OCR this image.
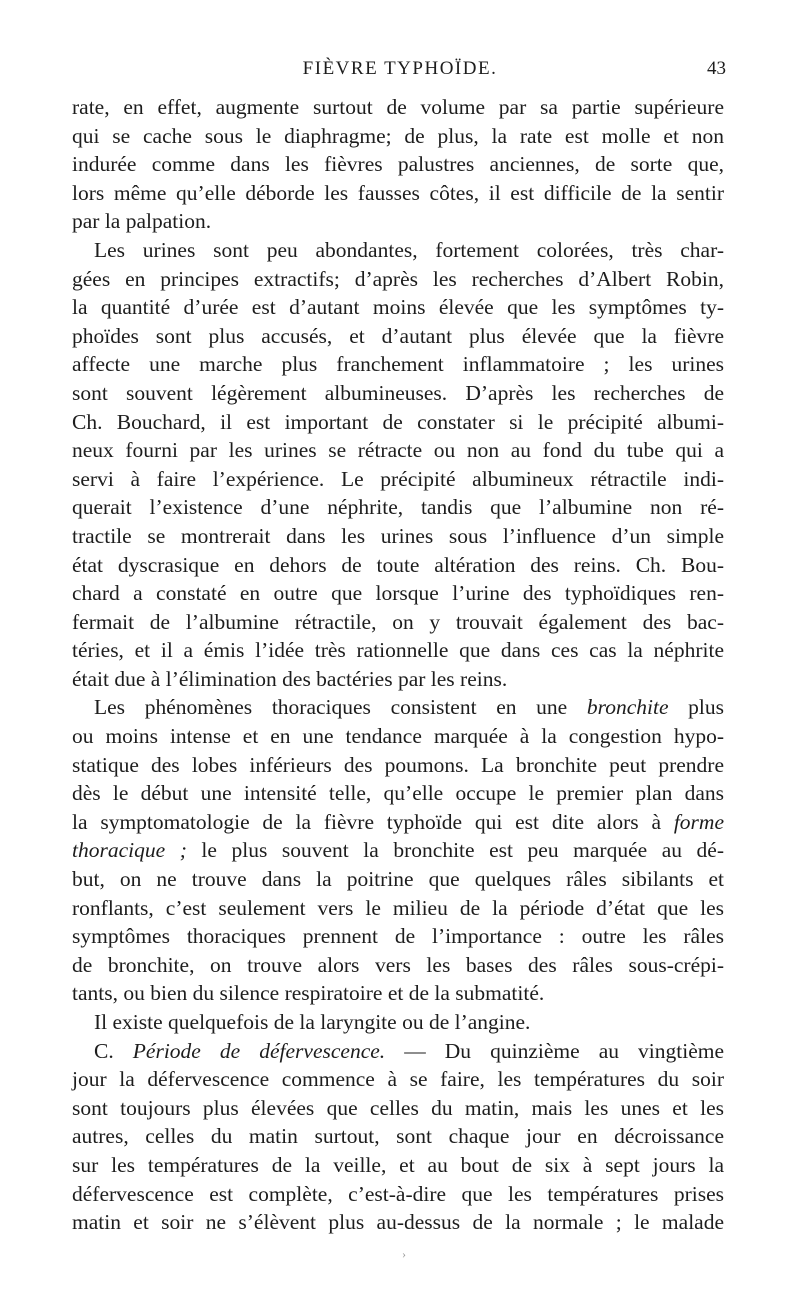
FIÈVRE TYPHOÏDE.	43
rate, en effet, augmente surtout de volume par sa partie supérieure
qui se cache sous le diaphragme; de plus, la rate est molle et non
indurée comme dans les fièvres palustres anciennes, de sorte que,
lors même qu’elle déborde les fausses côtes, il est difficile de la sentir
par la palpation.
Les urines sont peu abondantes, fortement colorées, très char-
gées en principes extractifs; d’après les recherches d’Albert Robin,
la quantité d’urée est d’autant moins élevée que les symptômes ty-
phoïdes sont plus accusés, et d’autant plus élevée que la fièvre
affecte une marche plus franchement inflammatoire ; les urines
sont souvent légèrement albumineuses. D’après les recherches de
Ch. Bouchard, il est important de constater si le précipité albumi-
neux fourni par les urines se rétracte ou non au fond du tube qui a
servi à faire l’expérience. Le précipité albumineux rétractile indi-
querait l’existence d’une néphrite, tandis que l’albumine non ré-
tractile se montrerait dans les urines sous l’influence d’un simple
état dyscrasique en dehors de toute altération des reins. Ch. Bou-
chard a constaté en outre que lorsque l’urine des typhoïdiques ren-
fermait de l’albumine rétractile, on y trouvait également des bac-
téries, et il a émis l’idée très rationnelle que dans ces cas la néphrite
était due à l’élimination des bactéries par les reins.
Les phénomènes thoraciques consistent en une bronchite plus
ou moins intense et en une tendance marquée à la congestion hypo-
statique des lobes inférieurs des poumons. La bronchite peut prendre
dès le début une intensité telle, qu’elle occupe le premier plan dans
la symptomatologie de la fièvre typhoïde qui est dite alors à forme
thoracique ; le plus souvent la bronchite est peu marquée au dé-
but, on ne trouve dans la poitrine que quelques râles sibilants et
ronflants, c’est seulement vers le milieu de la période d’état que les
symptômes thoraciques prennent de l’importance : outre les râles
de bronchite, on trouve alors vers les bases des râles sous-crépi-
tants, ou bien du silence respiratoire et de la submatité.
Il existe quelquefois de la laryngite ou de l’angine.
C. Période de défervescence. — Du quinzième au vingtième
jour la défervescence commence à se faire, les températures du soir
sont toujours plus élevées que celles du matin, mais les unes et les
autres, celles du matin surtout, sont chaque jour en décroissance
sur les températures de la veille, et au bout de six à sept jours la
défervescence est complète, c’est-à-dire que les températures prises
matin et soir ne s’élèvent plus au-dessus de la normale ; le malade
›
